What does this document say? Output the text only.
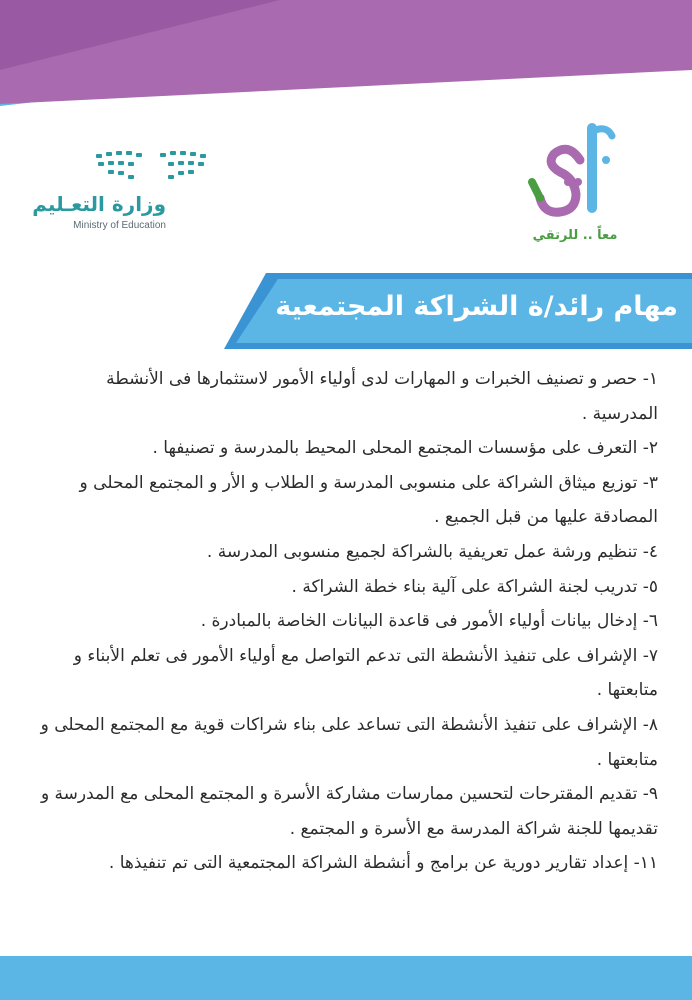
وزارة التعـليم
Ministry of Education
معاً .. للرتقي
مهام رائد/ة الشراكة المجتمعية
١- حصر و تصنيف الخبرات و المهارات لدى أولياء الأمور لاستثمارها فى الأنشطة المدرسية .
٢- التعرف على مؤسسات المجتمع المحلى المحيط بالمدرسة و تصنيفها .
٣- توزيع ميثاق الشراكة على منسوبى المدرسة و الطلاب و الأر و المجتمع المحلى و المصادقة عليها من قبل الجميع .
٤- تنظيم ورشة عمل تعريفية بالشراكة لجميع منسوبى المدرسة .
٥- تدريب لجنة الشراكة على آلية بناء خطة الشراكة .
٦- إدخال بيانات أولياء الأمور فى قاعدة البيانات الخاصة بالمبادرة .
٧- الإشراف على تنفيذ الأنشطة التى تدعم التواصل مع أولياء الأمور فى تعلم الأبناء و متابعتها .
٨- الإشراف على تنفيذ الأنشطة التى تساعد على بناء شراكات قوية مع المجتمع المحلى و متابعتها .
٩- تقديم المقترحات لتحسين ممارسات مشاركة الأسرة و المجتمع المحلى مع المدرسة و تقديمها للجنة شراكة المدرسة مع الأسرة و المجتمع .
١١- إعداد تقارير دورية عن برامج و أنشطة الشراكة المجتمعية التى تم تنفيذها .
